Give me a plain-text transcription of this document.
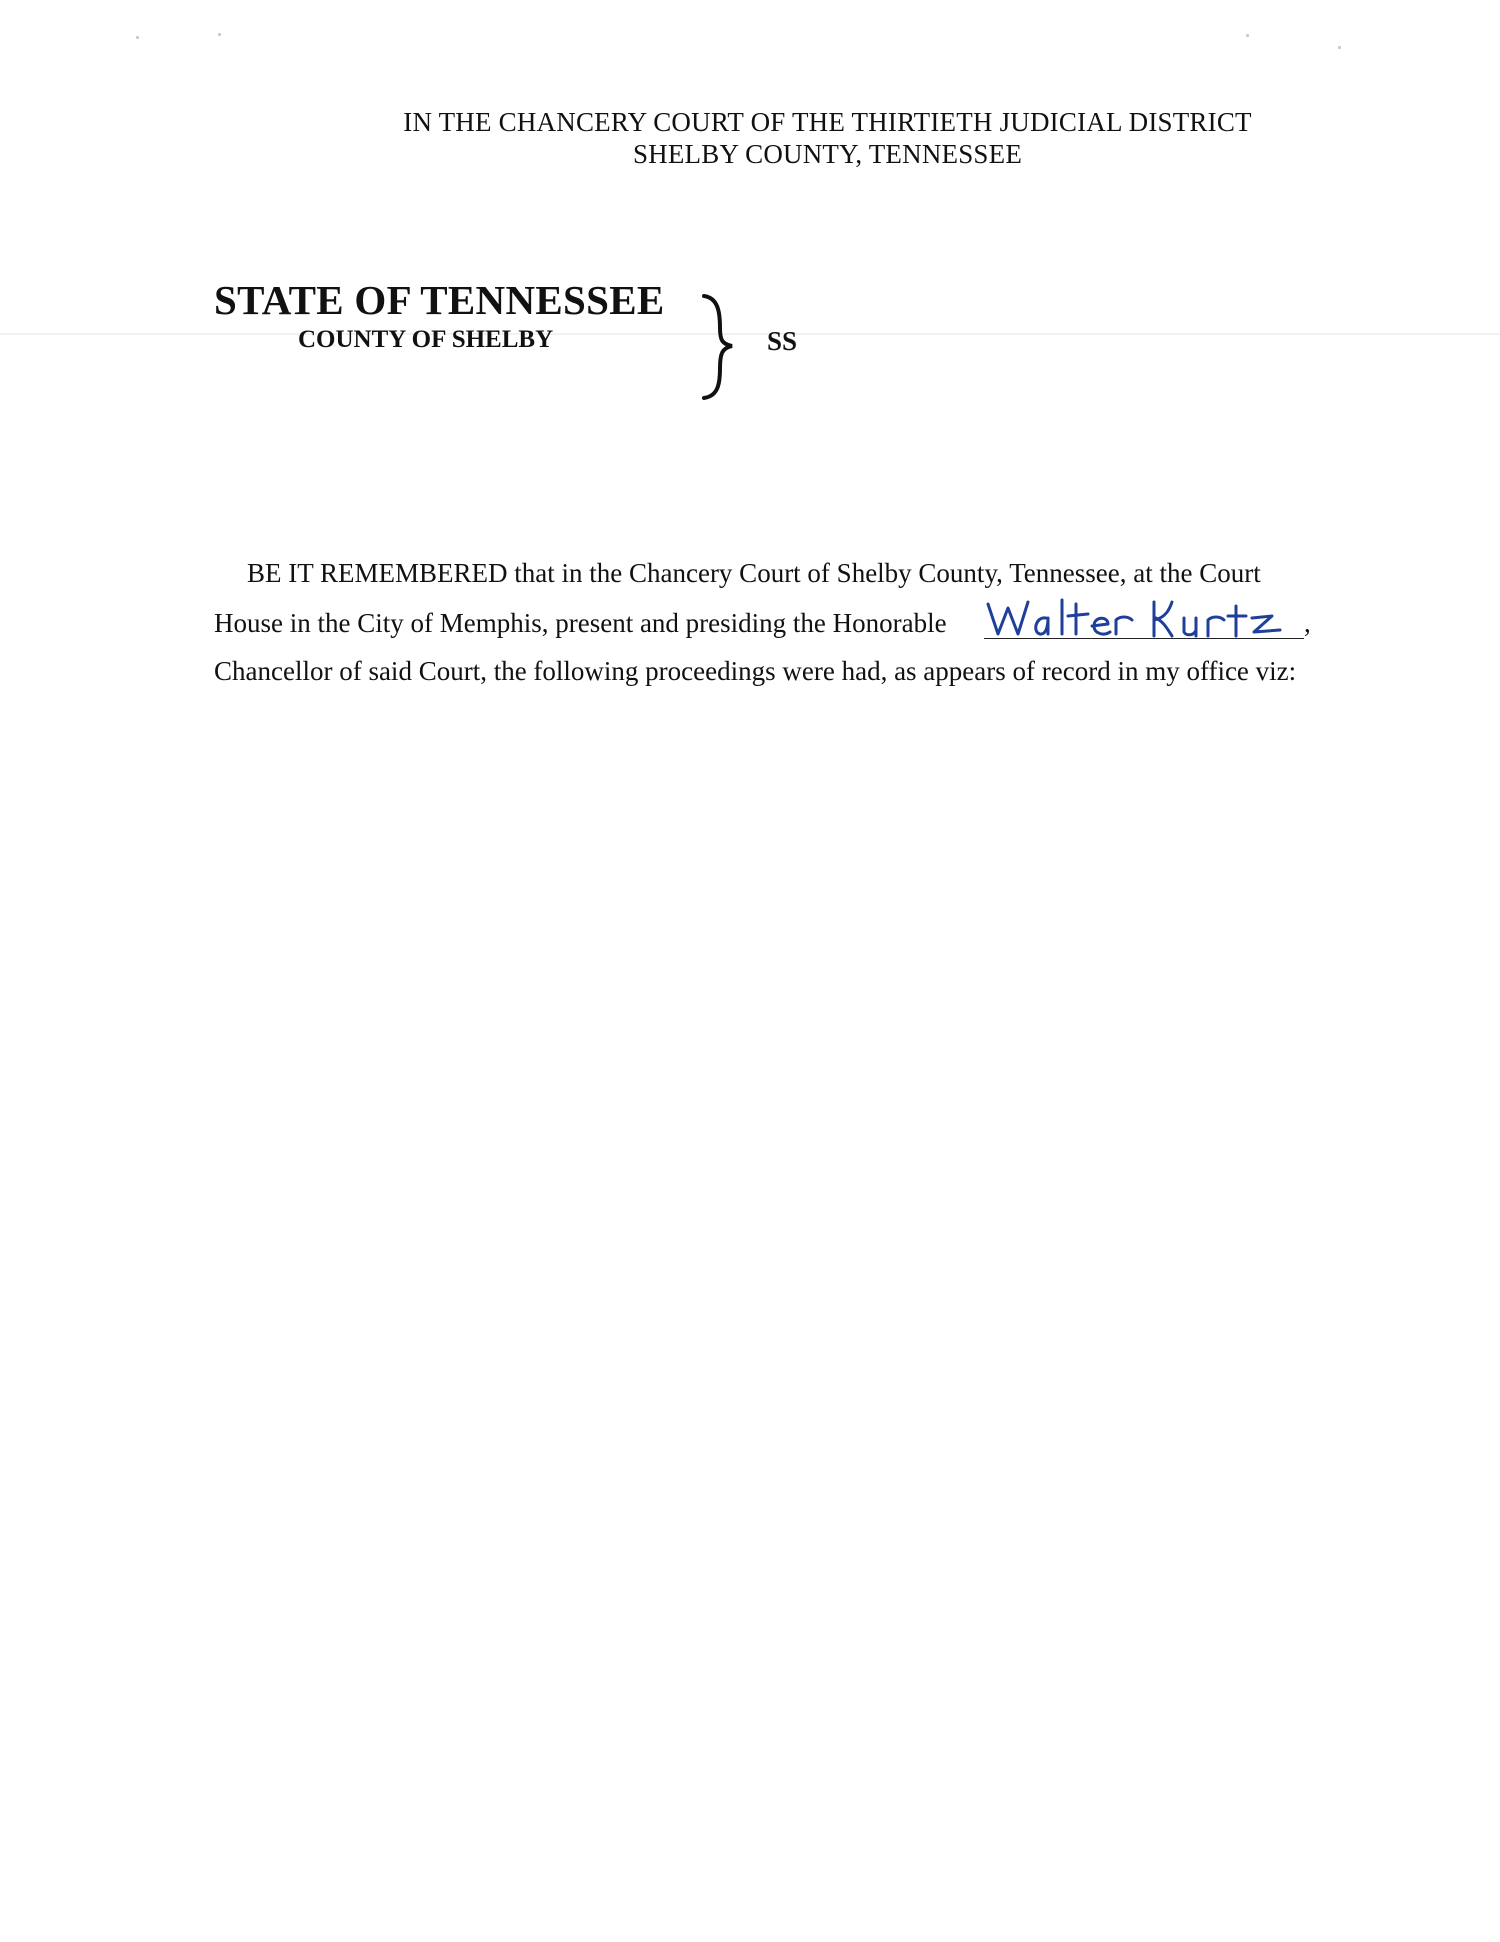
IN THE CHANCERY COURT OF THE THIRTIETH JUDICIAL DISTRICT
SHELBY COUNTY, TENNESSEE
STATE OF TENNESSEE
COUNTY OF SHELBY	SS
BE IT REMEMBERED that in the Chancery Court of Shelby County, Tennessee, at the Court
House in the City of Memphis, present and presiding the Honorable	,
Chancellor of said Court, the following proceedings were had, as appears of record in my office viz:
